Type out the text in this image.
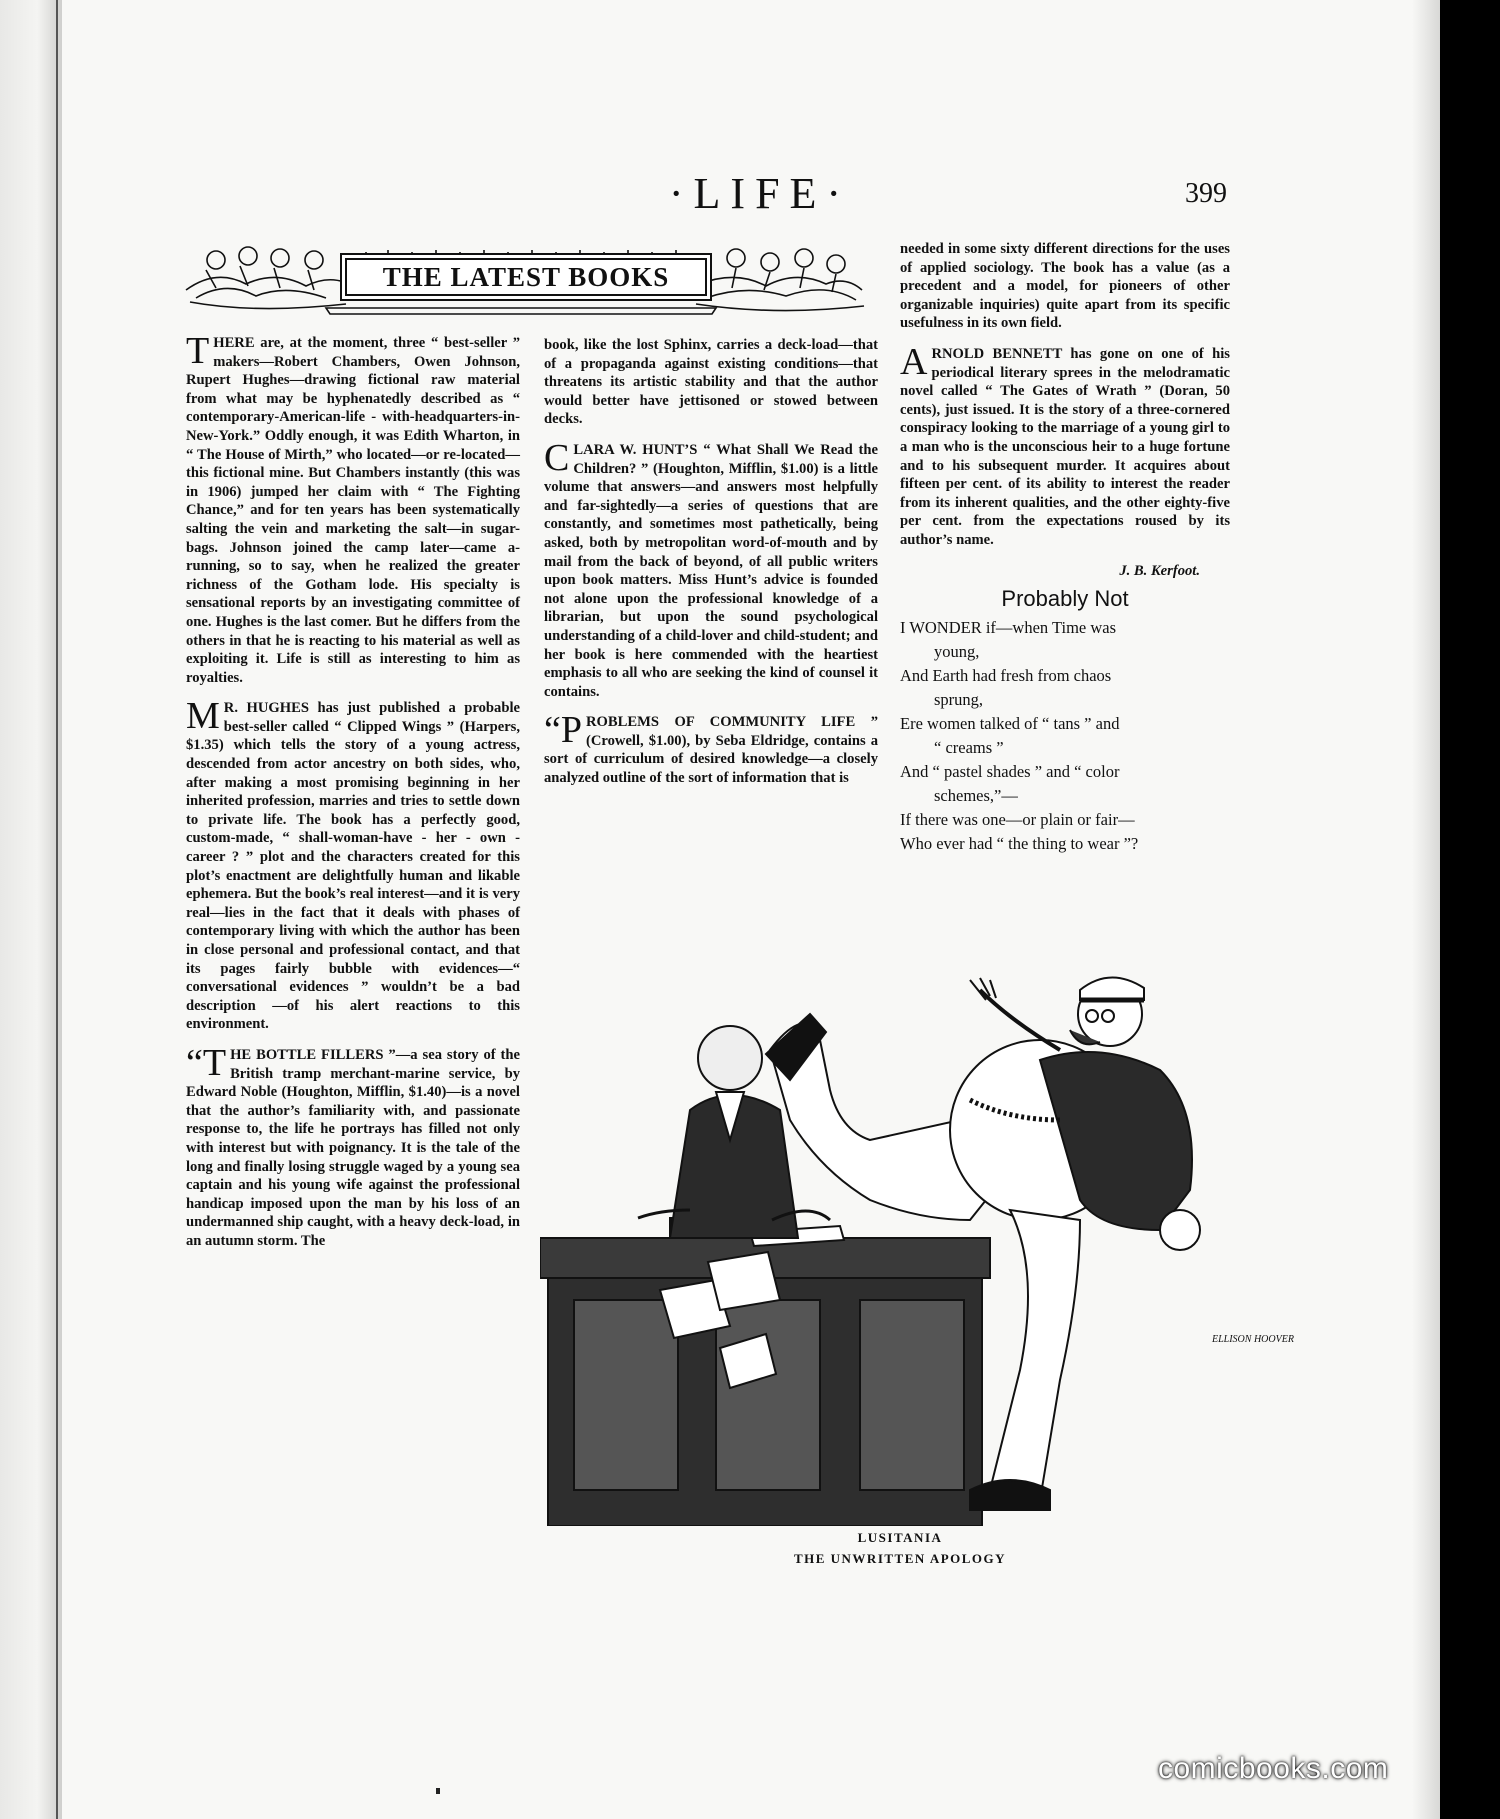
·LIFE·	399
THE LATEST BOOKS

T HERE are, at the moment, three “ best-seller ” makers—Robert Chambers, Owen Johnson, Rupert Hughes—drawing fictional raw material from what may be hyphenatedly described as “ contemporary-American-life - with-headquarters-in-New-York.” Oddly enough, it was Edith Wharton, in “ The House of Mirth,” who located—or re-located—this fictional mine. But Chambers instantly (this was in 1906) jumped her claim with “ The Fighting Chance,” and for ten years has been systematically salting the vein and marketing the salt—in sugar-bags. Johnson joined the camp later—came a-running, so to say, when he realized the greater richness of the Gotham lode. His specialty is sensational reports by an investigating committee of one. Hughes is the last comer. But he differs from the others in that he is reacting to his material as well as exploiting it. Life is still as interesting to him as royalties.

M R. HUGHES has just published a probable best-seller called “ Clipped Wings ” (Harpers, $1.35) which tells the story of a young actress, descended from actor ancestry on both sides, who, after making a most promising beginning in her inherited profession, marries and tries to settle down to private life. The book has a perfectly good, custom-made, “ shall-woman-have - her - own - career ? ” plot and the characters created for this plot’s enactment are delightfully human and likable ephemera. But the book’s real interest—and it is very real—lies in the fact that it deals with phases of contemporary living with which the author has been in close personal and professional contact, and that its pages fairly bubble with evidences—“ conversational evidences ” wouldn’t be a bad description —of his alert reactions to this environment.

“T HE BOTTLE FILLERS ”—a sea story of the British tramp merchant-marine service, by Edward Noble (Houghton, Mifflin, $1.40)—is a novel that the author’s familiarity with, and passionate response to, the life he portrays has filled not only with interest but with poignancy. It is the tale of the long and finally losing struggle waged by a young sea captain and his young wife against the professional handicap imposed upon the man by his loss of an undermanned ship caught, with a heavy deck-load, in an autumn storm. The

book, like the lost Sphinx, carries a deck-load—that of a propaganda against existing conditions—that threatens its artistic stability and that the author would better have jettisoned or stowed between decks.

C LARA W. HUNT’S “ What Shall We Read the Children? ” (Houghton, Mifflin, $1.00) is a little volume that answers—and answers most helpfully and far-sightedly—a series of questions that are constantly, and sometimes most pathetically, being asked, both by metropolitan word-of-mouth and by mail from the back of beyond, of all public writers upon book matters. Miss Hunt’s advice is founded not alone upon the professional knowledge of a librarian, but upon the sound psychological understanding of a child-lover and child-student; and her book is here commended with the heartiest emphasis to all who are seeking the kind of counsel it contains.

“P ROBLEMS OF COMMUNITY LIFE ” (Crowell, $1.00), by Seba Eldridge, contains a sort of curriculum of desired knowledge—a closely analyzed outline of the sort of information that is

needed in some sixty different directions for the uses of applied sociology. The book has a value (as a precedent and a model, for pioneers of other organizable inquiries) quite apart from its specific usefulness in its own field.

A RNOLD BENNETT has gone on one of his periodical literary sprees in the melodramatic novel called “ The Gates of Wrath ” (Doran, 50 cents), just issued. It is the story of a three-cornered conspiracy looking to the marriage of a young girl to a man who is the unconscious heir to a huge fortune and to his subsequent murder. It acquires about fifteen per cent. of its ability to interest the reader from its inherent qualities, and the other eighty-five per cent. from the expectations roused by its author’s name.

J. B. Kerfoot.
Probably Not
I WONDER if—when Time was
young,
And Earth had fresh from chaos
sprung,
Ere women talked of “ tans ” and
“ creams ”
And “ pastel shades ” and “ color
schemes,”—
If there was one—or plain or fair—
Who ever had “ the thing to wear ”?
ELLISON HOOVER
LUSITANIA
THE UNWRITTEN APOLOGY
comicbooks.com
